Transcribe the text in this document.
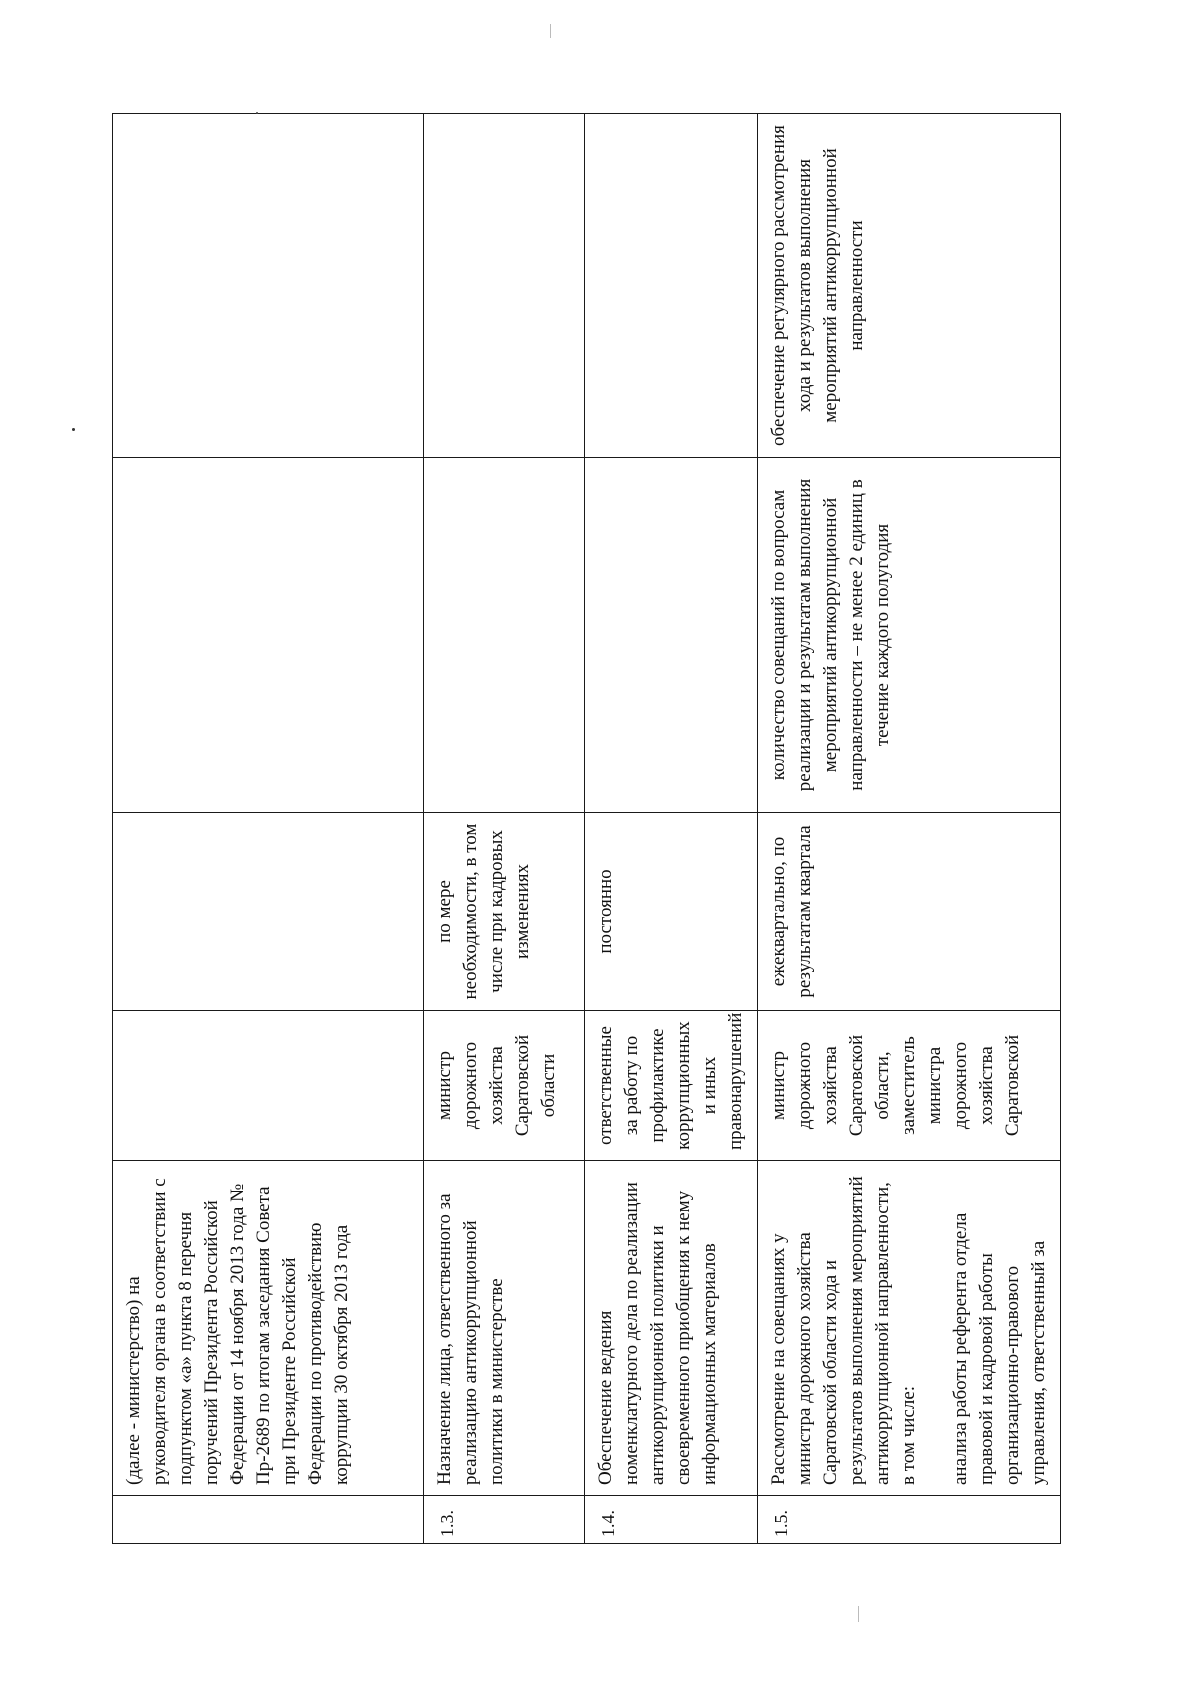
	(далее - министерство) на руководителя органа в соответствии с подпунктом «а» пункта 8 перечня поручений Президента Российской Федерации от 14 ноября 2013 года № Пр-2689 по итогам заседания Совета при Президенте Российской Федерации по противодействию коррупции 30 октября 2013 года				
1.3.	Назначение лица, ответственного за реализацию антикоррупционной политики в министерстве	министр дорожного хозяйства Саратовской области	по мере необходимости, в том числе при кадровых изменениях		
1.4.	Обеспечение ведения номенклатурного дела по реализации антикоррупционной политики и своевременного приобщения к нему информационных материалов	ответственные за работу по профилактике коррупционных и иных правонарушений	постоянно		
1.5.	Рассмотрение на совещаниях у министра дорожного хозяйства Саратовской области хода и результатов выполнения мероприятий антикоррупционной направленности, в том числе: анализа работы референта отдела правовой и кадровой работы организационно-правового управления, ответственный за	министр дорожного хозяйства Саратовской области, заместитель министра дорожного хозяйства Саратовской	ежеквартально, по результатам квартала	количество совещаний по вопросам реализации и результатам выполнения мероприятий антикоррупционной направленности – не менее 2 единиц в течение каждого полугодия	обеспечение регулярного рассмотрения хода и результатов выполнения мероприятий антикоррупционной направленности
